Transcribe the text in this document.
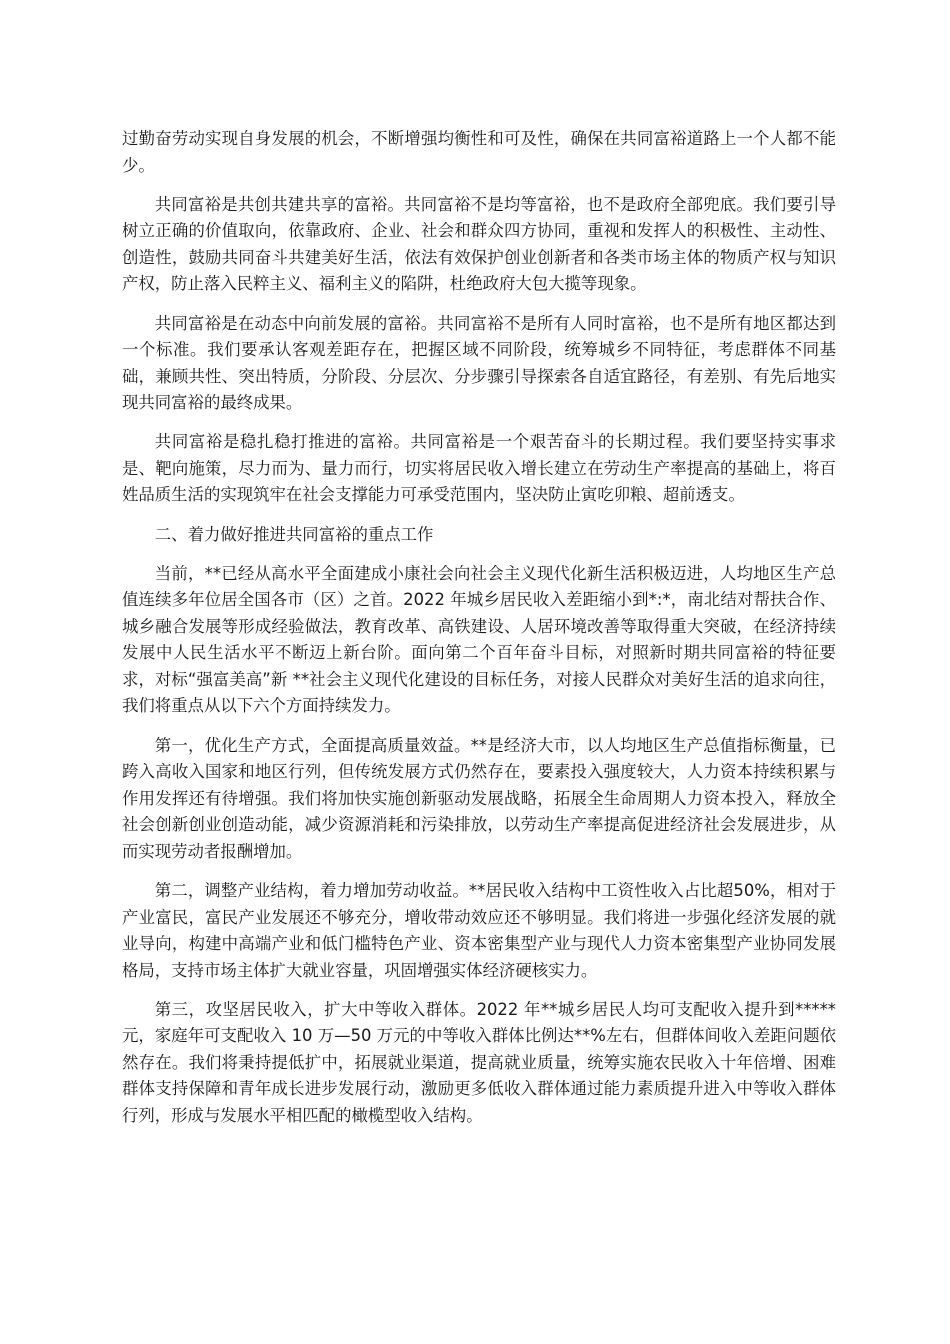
过勤奋劳动实现自身发展的机会，不断增强均衡性和可及性，确保在共同富裕道路上一个人都不能少。

共同富裕是共创共建共享的富裕。共同富裕不是均等富裕，也不是政府全部兜底。我们要引导树立正确的价值取向，依靠政府、企业、社会和群众四方协同，重视和发挥人的积极性、主动性、创造性，鼓励共同奋斗共建美好生活，依法有效保护创业创新者和各类市场主体的物质产权与知识产权，防止落入民粹主义、福利主义的陷阱，杜绝政府大包大揽等现象。

共同富裕是在动态中向前发展的富裕。共同富裕不是所有人同时富裕，也不是所有地区都达到一个标准。我们要承认客观差距存在，把握区域不同阶段，统筹城乡不同特征，考虑群体不同基础，兼顾共性、突出特质，分阶段、分层次、分步骤引导探索各自适宜路径，有差别、有先后地实现共同富裕的最终成果。

共同富裕是稳扎稳打推进的富裕。共同富裕是一个艰苦奋斗的长期过程。我们要坚持实事求是、靶向施策，尽力而为、量力而行，切实将居民收入增长建立在劳动生产率提高的基础上，将百姓品质生活的实现筑牢在社会支撑能力可承受范围内，坚决防止寅吃卯粮、超前透支。

二、着力做好推进共同富裕的重点工作

当前，**已经从高水平全面建成小康社会向社会主义现代化新生活积极迈进，人均地区生产总值连续多年位居全国各市（区）之首。2022 年城乡居民收入差距缩小到*:*，南北结对帮扶合作、城乡融合发展等形成经验做法，教育改革、高铁建设、人居环境改善等取得重大突破，在经济持续发展中人民生活水平不断迈上新台阶。面向第二个百年奋斗目标，对照新时期共同富裕的特征要求，对标“强富美高”新 **社会主义现代化建设的目标任务，对接人民群众对美好生活的追求向往，我们将重点从以下六个方面持续发力。

第一，优化生产方式，全面提高质量效益。**是经济大市，以人均地区生产总值指标衡量，已跨入高收入国家和地区行列，但传统发展方式仍然存在，要素投入强度较大，人力资本持续积累与作用发挥还有待增强。我们将加快实施创新驱动发展战略，拓展全生命周期人力资本投入，释放全社会创新创业创造动能，减少资源消耗和污染排放，以劳动生产率提高促进经济社会发展进步，从而实现劳动者报酬增加。

第二，调整产业结构，着力增加劳动收益。**居民收入结构中工资性收入占比超50%，相对于产业富民，富民产业发展还不够充分，增收带动效应还不够明显。我们将进一步强化经济发展的就业导向，构建中高端产业和低门槛特色产业、资本密集型产业与现代人力资本密集型产业协同发展格局，支持市场主体扩大就业容量，巩固增强实体经济硬核实力。

第三，攻坚居民收入，扩大中等收入群体。2022 年**城乡居民人均可支配收入提升到*****元，家庭年可支配收入 10 万—50 万元的中等收入群体比例达**%左右，但群体间收入差距问题依然存在。我们将秉持提低扩中，拓展就业渠道，提高就业质量，统筹实施农民收入十年倍增、困难群体支持保障和青年成长进步发展行动，激励更多低收入群体通过能力素质提升进入中等收入群体行列，形成与发展水平相匹配的橄榄型收入结构。
